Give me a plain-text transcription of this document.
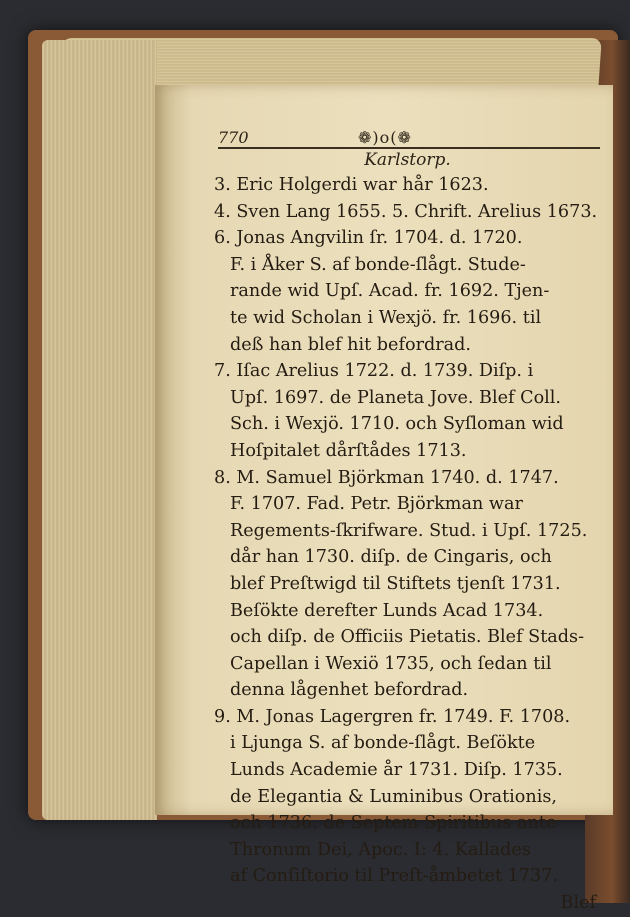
770	❁)o(❁
Karlstorp.
3. Eric Holgerdi war hår 1623.
4. Sven Lang 1655. 5. Chrift. Arelius 1673.
6. Jonas Angvilin ſr. 1704. d. 1720.
F. i Åker S. af bonde-ſlågt. Stude-
rande wid Upſ. Acad. fr. 1692. Tjen-
te wid Scholan i Wexjö. fr. 1696. til
deß han blef hit befordrad.
7. Iſac Arelius 1722. d. 1739. Diſp. i
Upſ. 1697. de Planeta Jove. Blef Coll.
Sch. i Wexjö. 1710. och Syſloman wid
Hoſpitalet dårſtådes 1713.
8. M. Samuel Björkman 1740. d. 1747.
F. 1707. Fad. Petr. Björkman war
Regements-ſkrifware. Stud. i Upſ. 1725.
dår han 1730. diſp. de Cingaris, och
blef Preſtwigd til Stiftets tjenſt 1731.
Beſökte derefter Lunds Acad 1734.
och diſp. de Officiis Pietatis. Blef Stads-
Capellan i Wexiö 1735, och ſedan til
denna lågenhet befordrad.
9. M. Jonas Lagergren fr. 1749. F. 1708.
i Ljunga S. af bonde-ſlågt. Beſökte
Lunds Academie år 1731. Diſp. 1735.
de Elegantia & Luminibus Orationis,
och 1736. de Septem Spiritibus ante
Thronum Dei, Apoc. I: 4. Kallades
af Conſiſtorio til Preſt-åmbetet 1737.
Blef
